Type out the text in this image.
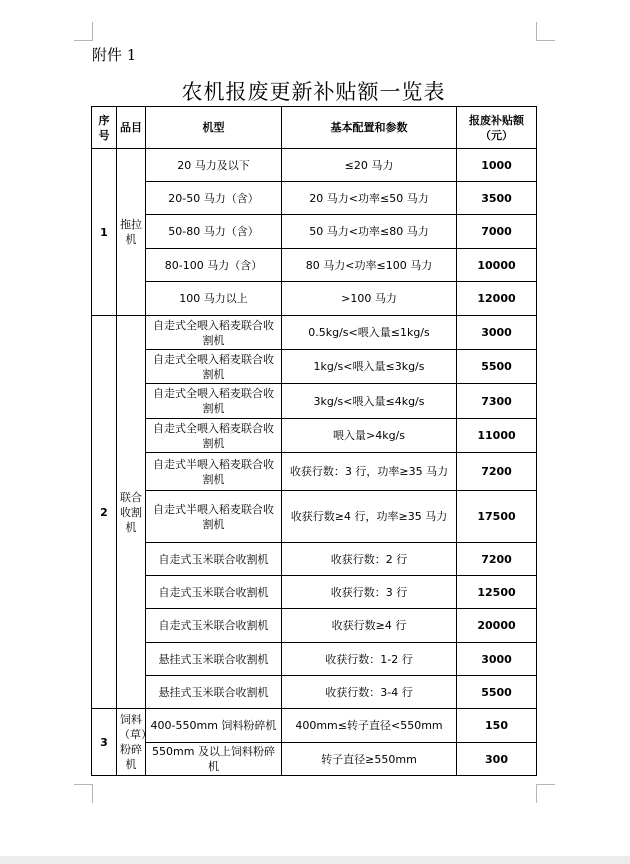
附件 1
农机报废更新补贴额一览表
序号	品目	机型	基本配置和参数	报废补贴额（元）
1	拖拉机	20 马力及以下	≤20 马力	1000
		20-50 马力（含）	20 马力<功率≤50 马力	3500
		50-80 马力（含）	50 马力<功率≤80 马力	7000
		80-100 马力（含）	80 马力<功率≤100 马力	10000
		100 马力以上	>100 马力	12000
2	联合收割机	自走式全喂入稻麦联合收割机	0.5kg/s<喂入量≤1kg/s	3000
		自走式全喂入稻麦联合收割机	1kg/s<喂入量≤3kg/s	5500
		自走式全喂入稻麦联合收割机	3kg/s<喂入量≤4kg/s	7300
		自走式全喂入稻麦联合收割机	喂入量>4kg/s	11000
		自走式半喂入稻麦联合收割机	收获行数：3 行，功率≥35 马力	7200
		自走式半喂入稻麦联合收割机	收获行数≥4 行，功率≥35 马力	17500
		自走式玉米联合收割机	收获行数：2 行	7200
		自走式玉米联合收割机	收获行数：3 行	12500
		自走式玉米联合收割机	收获行数≥4 行	20000
		悬挂式玉米联合收割机	收获行数：1-2 行	3000
		悬挂式玉米联合收割机	收获行数：3-4 行	5500
3	饲料（草）粉碎机	400-550mm 饲料粉碎机	400mm≤转子直径<550mm	150
		550mm 及以上饲料粉碎机	转子直径≥550mm	300
